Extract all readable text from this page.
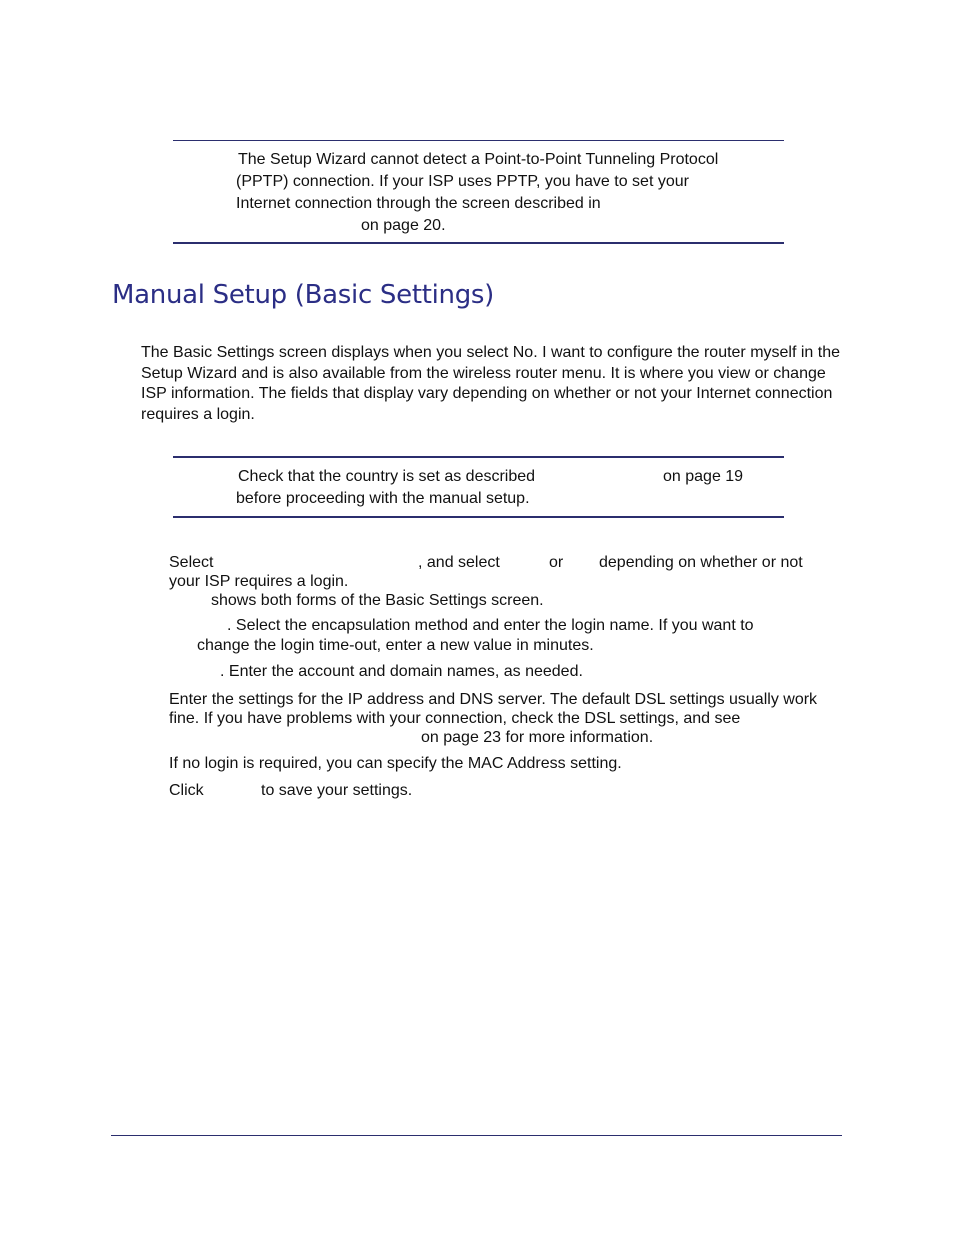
The Setup Wizard cannot detect a Point-to-Point Tunneling Protocol
(PPTP) connection. If your ISP uses PPTP, you have to set your
Internet connection through the screen described in
on page 20.
Manual Setup (Basic Settings)
The Basic Settings screen displays when you select No. I want to configure the router myself in the Setup Wizard and is also available from the wireless router menu. It is where you view or change ISP information. The fields that display vary depending on whether or not your Internet connection requires a login.
Check that the country is set as described	on page 19
before proceeding with the manual setup.
Select	, and select	or depending on whether or not
your ISP requires a login.
shows both forms of the Basic Settings screen.
. Select the encapsulation method and enter the login name. If you want to
change the login time-out, enter a new value in minutes.
. Enter the account and domain names, as needed.
Enter the settings for the IP address and DNS server. The default DSL settings usually work
fine. If you have problems with your connection, check the DSL settings, and see
on page 23 for more information.
If no login is required, you can specify the MAC Address setting.
Click	to save your settings.
